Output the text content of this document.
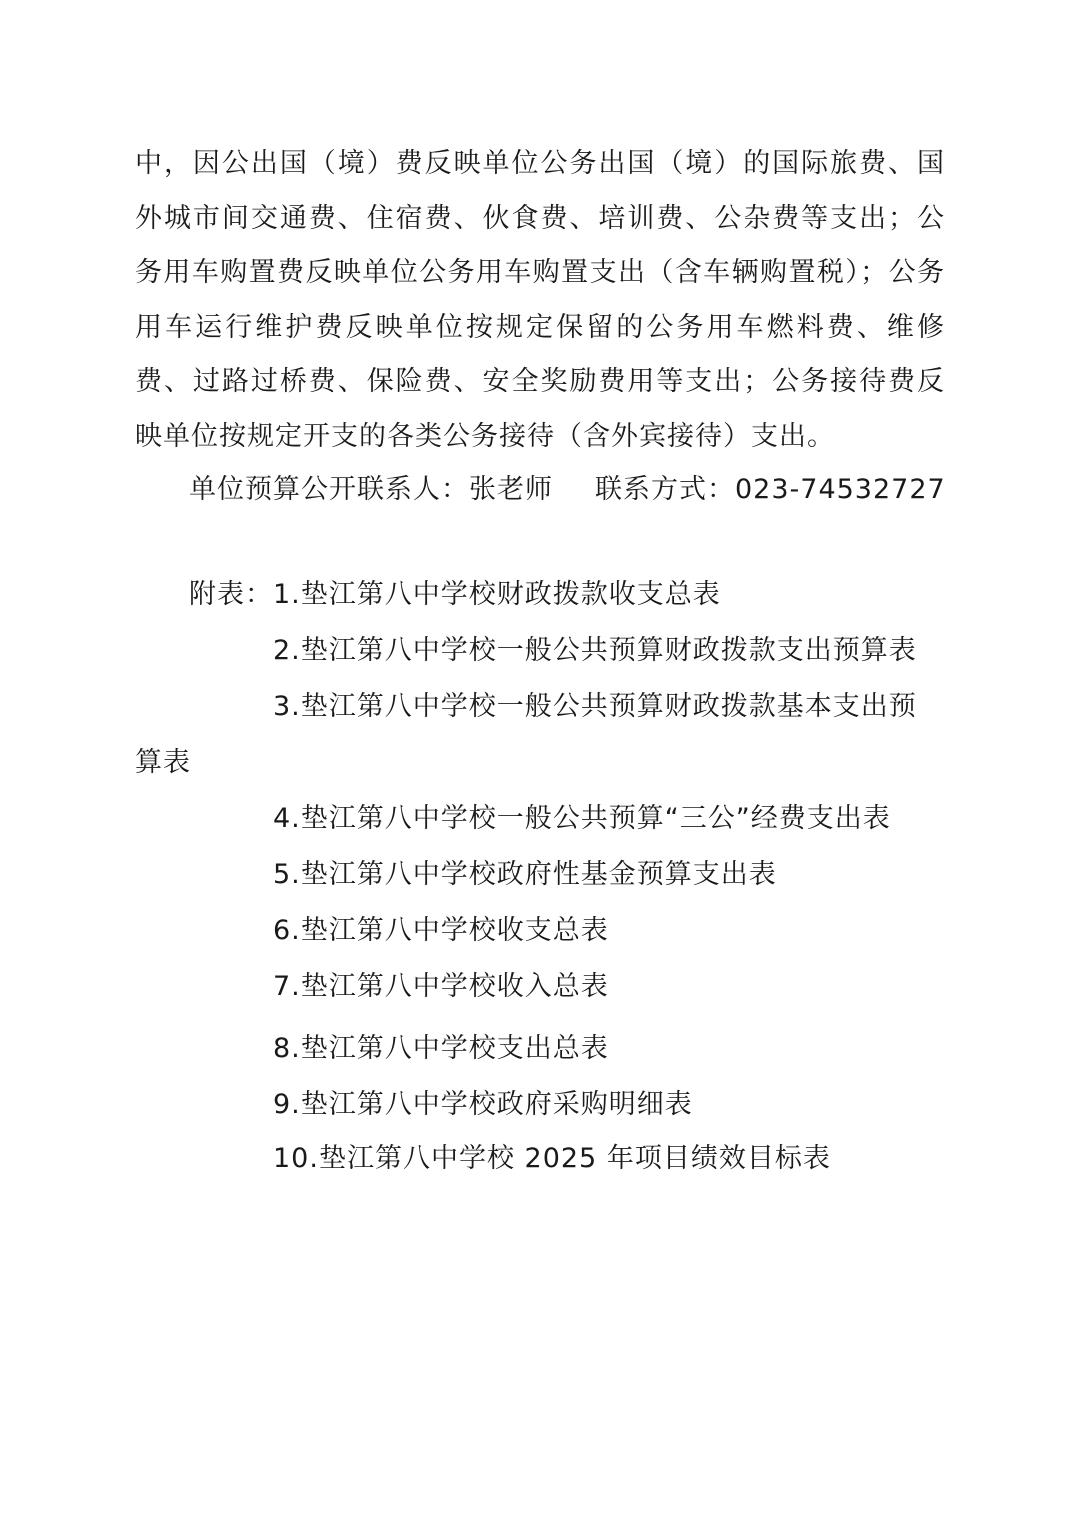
中，因公出国（境）费反映单位公务出国（境）的国际旅费、国外城市间交通费、住宿费、伙食费、培训费、公杂费等支出；公务用车购置费反映单位公务用车购置支出（含车辆购置税）；公务用车运行维护费反映单位按规定保留的公务用车燃料费、维修费、过路过桥费、保险费、安全奖励费用等支出；公务接待费反映单位按规定开支的各类公务接待（含外宾接待）支出。

单位预算公开联系人：张老师 联系方式：023-74532727
附表：1.垫江第八中学校财政拨款收支总表
2.垫江第八中学校一般公共预算财政拨款支出预算表
3.垫江第八中学校一般公共预算财政拨款基本支出预
算表
4.垫江第八中学校一般公共预算“三公”经费支出表
5.垫江第八中学校政府性基金预算支出表
6.垫江第八中学校收支总表
7.垫江第八中学校收入总表
8.垫江第八中学校支出总表
9.垫江第八中学校政府采购明细表
10.垫江第八中学校 2025 年项目绩效目标表
